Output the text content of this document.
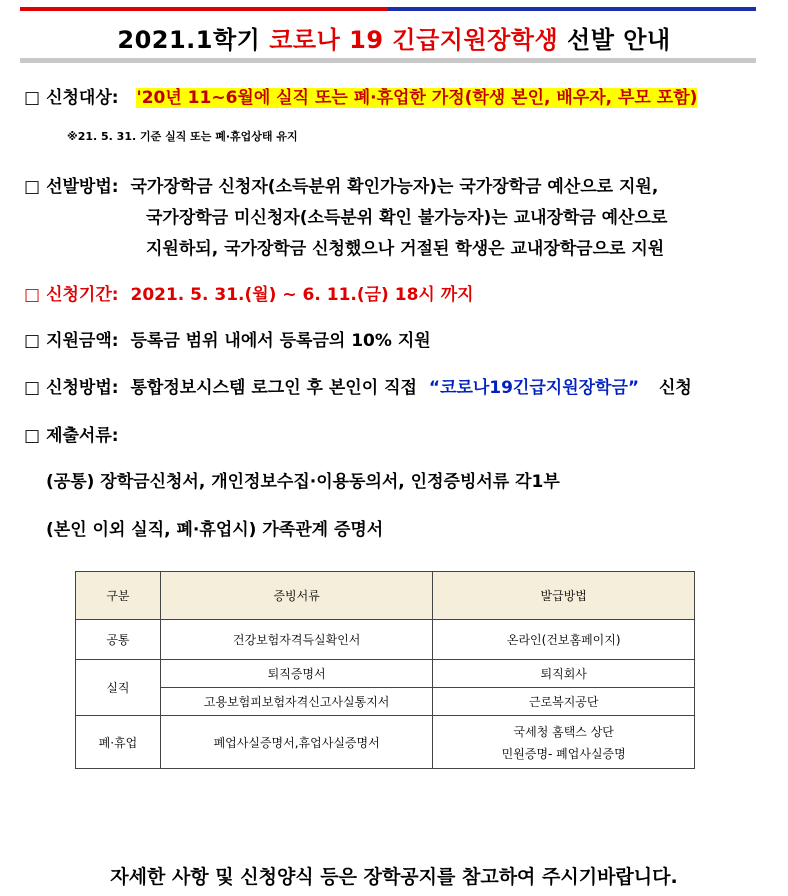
2021.1학기 코로나 19 긴급지원장학생 선발 안내
□ 신청대상: '20년 11~6월에 실직 또는 폐·휴업한 가정(학생 본인, 배우자, 부모 포함)
※21. 5. 31. 기준 실직 또는 폐·휴업상태 유지
□ 선발방법: 국가장학금 신청자(소득분위 확인가능자)는 국가장학금 예산으로 지원,
국가장학금 미신청자(소득분위 확인 불가능자)는 교내장학금 예산으로
지원하되, 국가장학금 신청했으나 거절된 학생은 교내장학금으로 지원
□ 신청기간: 2021. 5. 31.(월) ~ 6. 11.(금) 18시 까지
□ 지원금액: 등록금 범위 내에서 등록금의 10% 지원
□ 신청방법: 통합정보시스템 로그인 후 본인이 직접 “코로나19긴급지원장학금” 신청
□ 제출서류:
(공통) 장학금신청서, 개인정보수집·이용동의서, 인정증빙서류 각1부
(본인 이외 실직, 폐·휴업시) 가족관계 증명서
구분	증빙서류	발급방법
공통	건강보험자격득실확인서	온라인(건보홈페이지)
실직	퇴직증명서	퇴직회사
	고용보험피보험자격신고사실통지서	근로복지공단
폐·휴업	폐업사실증명서,휴업사실증명서	국세청 홈택스 상단
민원증명- 폐업사실증명
자세한 사항 및 신청양식 등은 장학공지를 참고하여 주시기바랍니다.
